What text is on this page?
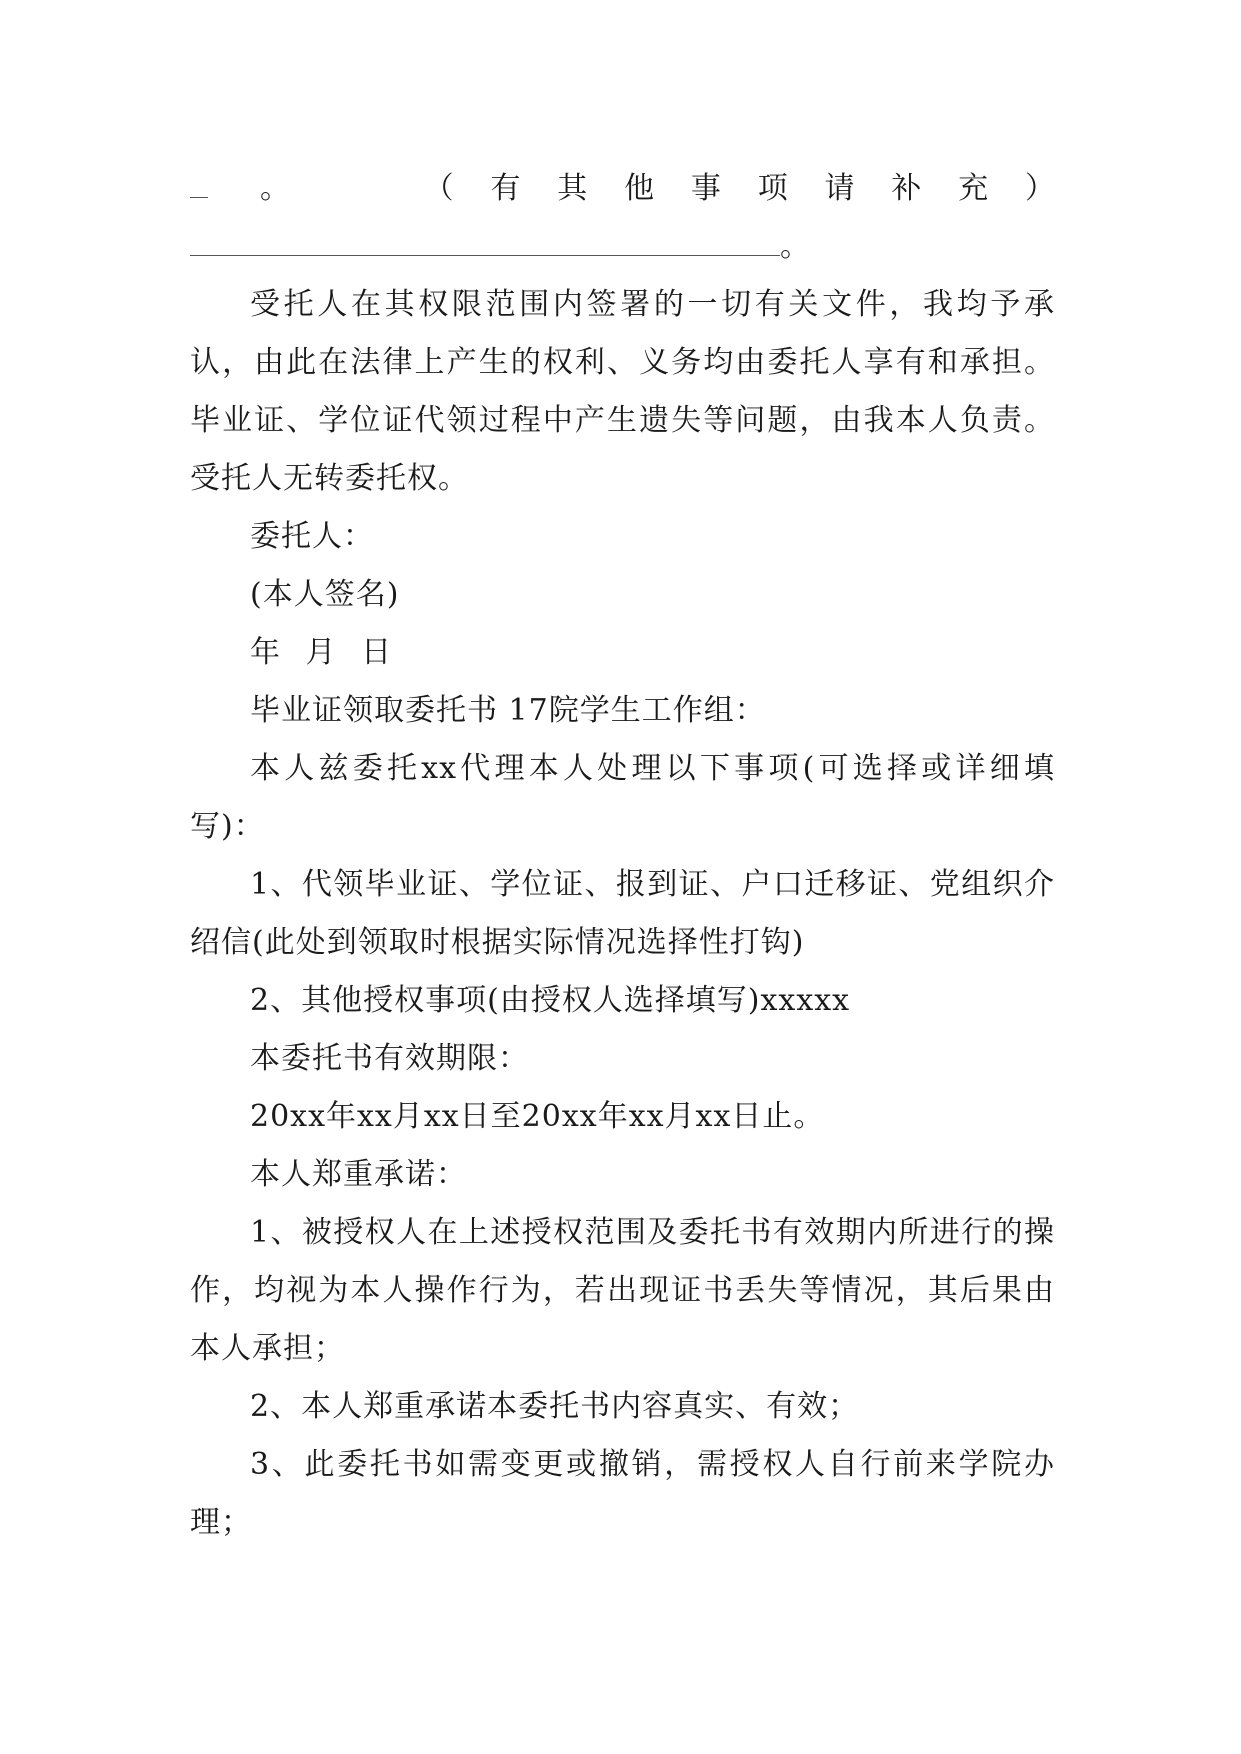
。	（ 有 其 他 事 项 请 补 充 ）
。
受托人在其权限范围内签署的一切有关文件，我均予承认，由此在法律上产生的权利、义务均由委托人享有和承担。毕业证、学位证代领过程中产生遗失等问题，由我本人负责。受托人无转委托权。
委托人：
(本人签名)
年 月 日
毕业证领取委托书 17院学生工作组：
本人兹委托xx代理本人处理以下事项(可选择或详细填写)：
1、代领毕业证、学位证、报到证、户口迁移证、党组织介绍信(此处到领取时根据实际情况选择性打钩)
2、其他授权事项(由授权人选择填写)xxxxx
本委托书有效期限：
20xx年xx月xx日至20xx年xx月xx日止。
本人郑重承诺：
1、被授权人在上述授权范围及委托书有效期内所进行的操作，均视为本人操作行为，若出现证书丢失等情况，其后果由本人承担；
2、本人郑重承诺本委托书内容真实、有效；
3、此委托书如需变更或撤销，需授权人自行前来学院办理；
